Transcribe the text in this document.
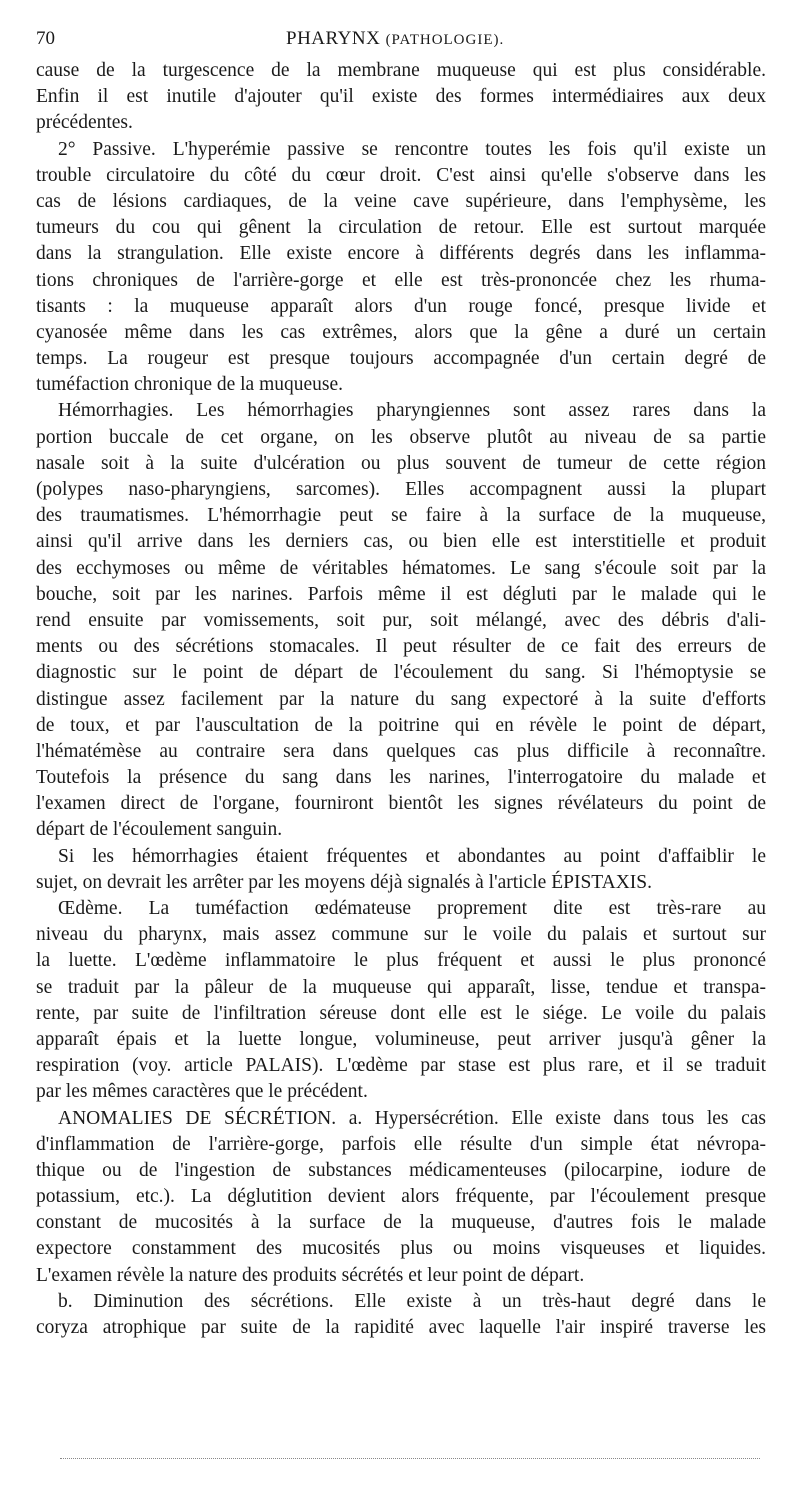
70	PHARYNX (PATHOLOGIE).
cause de la turgescence de la membrane muqueuse qui est plus considérable.
Enfin il est inutile d'ajouter qu'il existe des formes intermédiaires aux deux
précédentes.
2° Passive. L'hyperémie passive se rencontre toutes les fois qu'il existe un
trouble circulatoire du côté du cœur droit. C'est ainsi qu'elle s'observe dans les
cas de lésions cardiaques, de la veine cave supérieure, dans l'emphysème, les
tumeurs du cou qui gênent la circulation de retour. Elle est surtout marquée
dans la strangulation. Elle existe encore à différents degrés dans les inflamma-
tions chroniques de l'arrière-gorge et elle est très-prononcée chez les rhuma-
tisants : la muqueuse apparaît alors d'un rouge foncé, presque livide et
cyanosée même dans les cas extrêmes, alors que la gêne a duré un certain
temps. La rougeur est presque toujours accompagnée d'un certain degré de
tuméfaction chronique de la muqueuse.
Hémorrhagies. Les hémorrhagies pharyngiennes sont assez rares dans la
portion buccale de cet organe, on les observe plutôt au niveau de sa partie
nasale soit à la suite d'ulcération ou plus souvent de tumeur de cette région
(polypes naso-pharyngiens, sarcomes). Elles accompagnent aussi la plupart
des traumatismes. L'hémorrhagie peut se faire à la surface de la muqueuse,
ainsi qu'il arrive dans les derniers cas, ou bien elle est interstitielle et produit
des ecchymoses ou même de véritables hématomes. Le sang s'écoule soit par la
bouche, soit par les narines. Parfois même il est dégluti par le malade qui le
rend ensuite par vomissements, soit pur, soit mélangé, avec des débris d'ali-
ments ou des sécrétions stomacales. Il peut résulter de ce fait des erreurs de
diagnostic sur le point de départ de l'écoulement du sang. Si l'hémoptysie se
distingue assez facilement par la nature du sang expectoré à la suite d'efforts
de toux, et par l'auscultation de la poitrine qui en révèle le point de départ,
l'hématémèse au contraire sera dans quelques cas plus difficile à reconnaître.
Toutefois la présence du sang dans les narines, l'interrogatoire du malade et
l'examen direct de l'organe, fourniront bientôt les signes révélateurs du point de
départ de l'écoulement sanguin.
Si les hémorrhagies étaient fréquentes et abondantes au point d'affaiblir le
sujet, on devrait les arrêter par les moyens déjà signalés à l'article ÉPISTAXIS.
Œdème. La tuméfaction œdémateuse proprement dite est très-rare au
niveau du pharynx, mais assez commune sur le voile du palais et surtout sur
la luette. L'œdème inflammatoire le plus fréquent et aussi le plus prononcé
se traduit par la pâleur de la muqueuse qui apparaît, lisse, tendue et transpa-
rente, par suite de l'infiltration séreuse dont elle est le siége. Le voile du palais
apparaît épais et la luette longue, volumineuse, peut arriver jusqu'à gêner la
respiration (voy. article PALAIS). L'œdème par stase est plus rare, et il se traduit
par les mêmes caractères que le précédent.
ANOMALIES DE SÉCRÉTION. a. Hypersécrétion. Elle existe dans tous les cas
d'inflammation de l'arrière-gorge, parfois elle résulte d'un simple état névropa-
thique ou de l'ingestion de substances médicamenteuses (pilocarpine, iodure de
potassium, etc.). La déglutition devient alors fréquente, par l'écoulement presque
constant de mucosités à la surface de la muqueuse, d'autres fois le malade
expectore constamment des mucosités plus ou moins visqueuses et liquides.
L'examen révèle la nature des produits sécrétés et leur point de départ.
b. Diminution des sécrétions. Elle existe à un très-haut degré dans le
coryza atrophique par suite de la rapidité avec laquelle l'air inspiré traverse les
